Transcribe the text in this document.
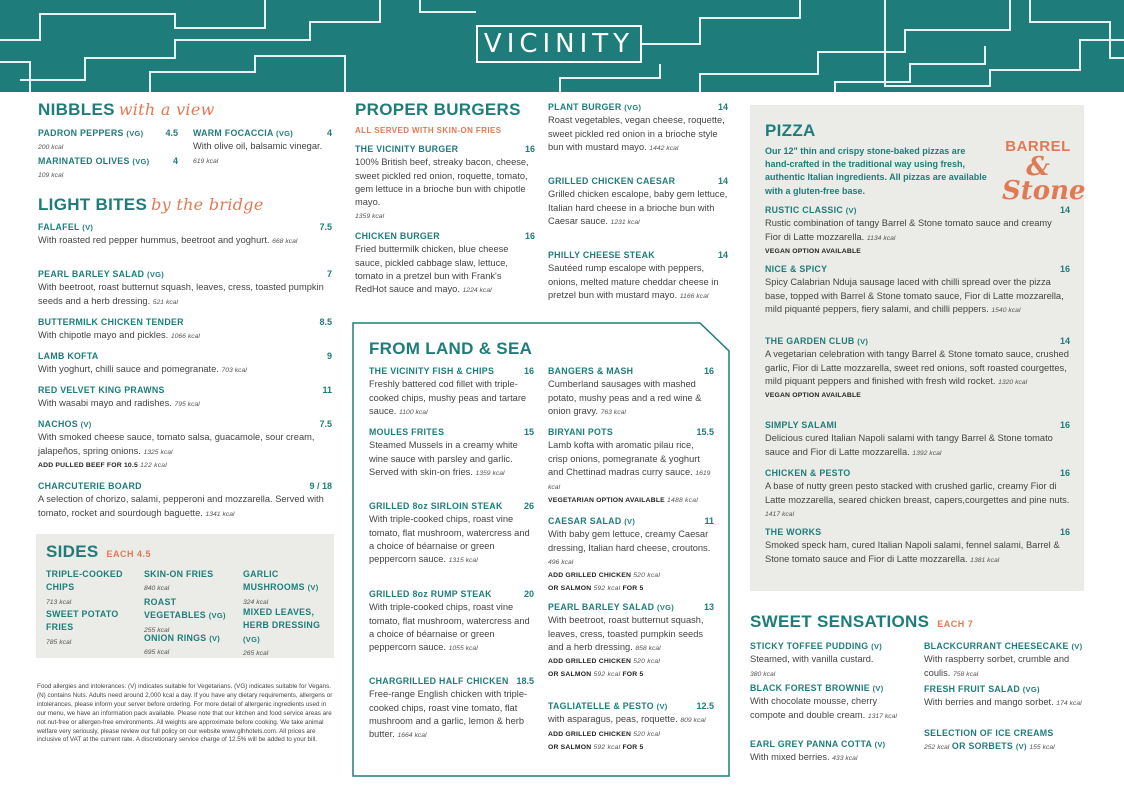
VICINITY
NIBBLES with a view
PADRON PEPPERS (VG)	4.5
200 kcal
WARM FOCACCIA (VG)	4
With olive oil, balsamic vinegar. 619 kcal
MARINATED OLIVES (VG)	4
109 kcal
LIGHT BITES by the bridge
FALAFEL (V)	7.5
With roasted red pepper hummus, beetroot and yoghurt. 668 kcal
PEARL BARLEY SALAD (VG)	7
With beetroot, roast butternut squash, leaves, cress, toasted pumpkin seeds and a herb dressing. 521 kcal
BUTTERMILK CHICKEN TENDER	8.5
With chipotle mayo and pickles. 1066 kcal
LAMB KOFTA	9
With yoghurt, chilli sauce and pomegranate. 703 kcal
RED VELVET KING PRAWNS	11
With wasabi mayo and radishes. 795 kcal
NACHOS (V)	7.5
With smoked cheese sauce, tomato salsa, guacamole, sour cream, jalapeños, spring onions. 1325 kcal
ADD PULLED BEEF FOR 10.5 122 kcal
CHARCUTERIE BOARD	9 / 18
A selection of chorizo, salami, pepperoni and mozzarella. Served with tomato, rocket and sourdough baguette. 1341 kcal
SIDES EACH 4.5
TRIPLE-COOKED CHIPS
713 kcal
SKIN-ON FRIES
840 kcal
GARLIC MUSHROOMS (V)
324 kcal
SWEET POTATO FRIES
785 kcal
ROAST VEGETABLES (VG)
255 kcal
MIXED LEAVES, HERB DRESSING (VG)
265 kcal
ONION RINGS (V)
695 kcal
Food allergies and intolerances: (V) indicates suitable for Vegetarians. (VG) indicates suitable for Vegans. (N) contains Nuts. Adults need around 2,000 kcal a day. If you have any dietary requirements, allergens or intolerances, please inform your server before ordering. For more detail of allergenic ingredients used in our menu, we have an information pack available. Please note that our kitchen and food service areas are not nut-free or allergen-free environments. All weights are approximate before cooking. We take animal welfare very seriously, please review our full policy on our website www.glhhotels.com. All prices are inclusive of VAT at the current rate. A discretionary service charge of 12.5% will be added to your bill.
PROPER BURGERS
ALL SERVED WITH SKIN-ON FRIES
THE VICINITY BURGER	16
100% British beef, streaky bacon, cheese, sweet pickled red onion, roquette, tomato, gem lettuce in a brioche bun with chipotle mayo.
1359 kcal
CHICKEN BURGER	16
Fried buttermilk chicken, blue cheese sauce, pickled cabbage slaw, lettuce, tomato in a pretzel bun with Frank's RedHot sauce and mayo. 1224 kcal
PLANT BURGER (VG)	14
Roast vegetables, vegan cheese, roquette, sweet pickled red onion in a brioche style bun with mustard mayo. 1442 kcal
GRILLED CHICKEN CAESAR	14
Grilled chicken escalope, baby gem lettuce, Italian hard cheese in a brioche bun with Caesar sauce. 1231 kcal
PHILLY CHEESE STEAK	14
Sautéed rump escalope with peppers, onions, melted mature cheddar cheese in pretzel bun with mustard mayo. 1166 kcal
FROM LAND & SEA
THE VICINITY FISH & CHIPS	16
Freshly battered cod fillet with triple-cooked chips, mushy peas and tartare sauce. 1100 kcal
MOULES FRITES	15
Steamed Mussels in a creamy white wine sauce with parsley and garlic. Served with skin-on fries. 1359 kcal
GRILLED 8oz SIRLOIN STEAK	26
With triple-cooked chips, roast vine tomato, flat mushroom, watercress and a choice of béarnaise or green peppercorn sauce. 1315 kcal
GRILLED 8oz RUMP STEAK	20
With triple-cooked chips, roast vine tomato, flat mushroom, watercress and a choice of béarnaise or green peppercorn sauce. 1055 kcal
CHARGRILLED HALF CHICKEN 18.5
Free-range English chicken with triple-cooked chips, roast vine tomato, flat mushroom and a garlic, lemon & herb butter. 1664 kcal
BANGERS & MASH	16
Cumberland sausages with mashed potato, mushy peas and a red wine & onion gravy. 763 kcal
BIRYANI POTS	15.5
Lamb kofta with aromatic pilau rice, crisp onions, pomegranate & yoghurt and Chettinad madras curry sauce. 1619 kcal
VEGETARIAN OPTION AVAILABLE 1488 kcal
CAESAR SALAD (V)	11
With baby gem lettuce, creamy Caesar dressing, Italian hard cheese, croutons. 496 kcal
ADD GRILLED CHICKEN 520 kcal
OR SALMON 592 kcal FOR 5
PEARL BARLEY SALAD (VG)	13
With beetroot, roast butternut squash, leaves, cress, toasted pumpkin seeds and a herb dressing. 858 kcal
ADD GRILLED CHICKEN 520 kcal
OR SALMON 592 kcal FOR 5
TAGLIATELLE & PESTO (V)	12.5
with asparagus, peas, roquette. 809 kcal
ADD GRILLED CHICKEN 520 kcal
OR SALMON 592 kcal FOR 5
PIZZA
Our 12" thin and crispy stone-baked pizzas are hand-crafted in the traditional way using fresh, authentic Italian ingredients. All pizzas are available with a gluten-free base.
BARREL
& Stone
RUSTIC CLASSIC (V)	14
Rustic combination of tangy Barrel & Stone tomato sauce and creamy Fior di Latte mozzarella. 1134 kcal
VEGAN OPTION AVAILABLE
NICE & SPICY	16
Spicy Calabrian Nduja sausage laced with chilli spread over the pizza base, topped with Barrel & Stone tomato sauce, Fior di Latte mozzarella, mild piquanté peppers, fiery salami, and chilli peppers. 1540 kcal
THE GARDEN CLUB (V)	14
A vegetarian celebration with tangy Barrel & Stone tomato sauce, crushed garlic, Fior di Latte mozzarella, sweet red onions, soft roasted courgettes, mild piquant peppers and finished with fresh wild rocket. 1320 kcal
VEGAN OPTION AVAILABLE
SIMPLY SALAMI	16
Delicious cured Italian Napoli salami with tangy Barrel & Stone tomato sauce and Fior di Latte mozzarella. 1392 kcal
CHICKEN & PESTO	16
A base of nutty green pesto stacked with crushed garlic, creamy Fior di Latte mozzarella, seared chicken breast, capers,courgettes and pine nuts. 1417 kcal
THE WORKS	16
Smoked speck ham, cured Italian Napoli salami, fennel salami, Barrel & Stone tomato sauce and Fior di Latte mozzarella. 1381 kcal
SWEET SENSATIONS EACH 7
STICKY TOFFEE PUDDING (V)
Steamed, with vanilla custard.
380 kcal
BLACK FOREST BROWNIE (V)
With chocolate mousse, cherry compote and double cream. 1317 kcal
EARL GREY PANNA COTTA (V)
With mixed berries. 433 kcal
BLACKCURRANT CHEESECAKE (V)
With raspberry sorbet, crumble and coulis. 758 kcal
FRESH FRUIT SALAD (VG)
With berries and mango sorbet. 174 kcal
SELECTION OF ICE CREAMS
252 kcal OR SORBETS (V) 155 kcal
